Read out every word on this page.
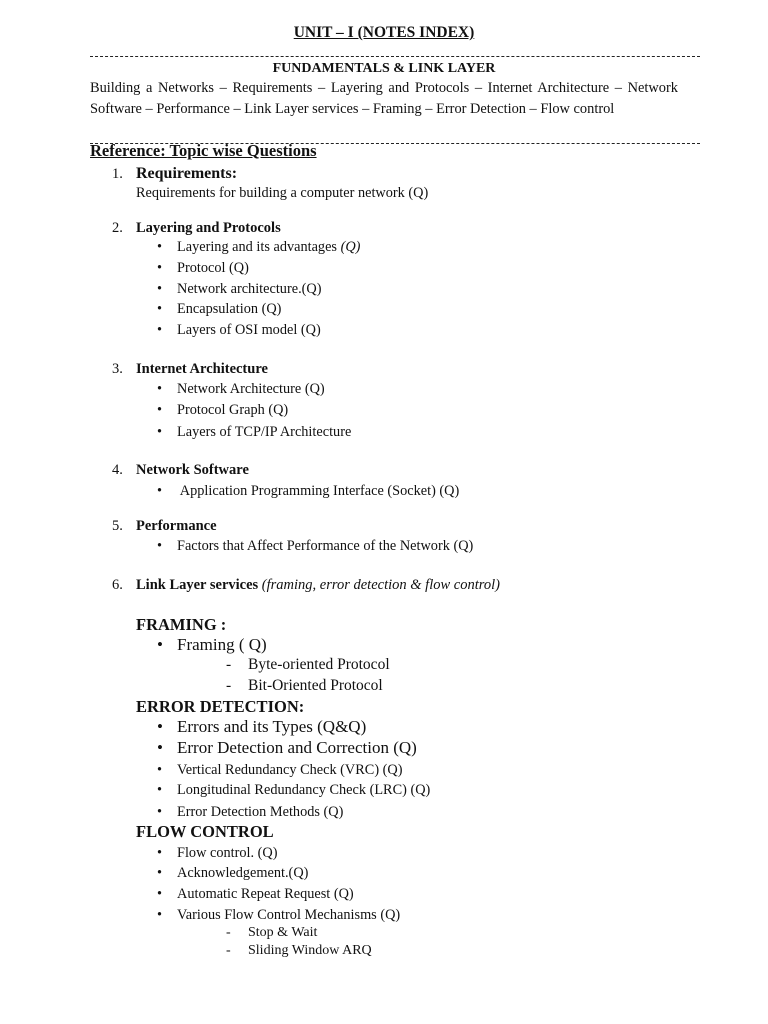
UNIT – I (NOTES INDEX)
FUNDAMENTALS & LINK LAYER
Building a Networks – Requirements – Layering and Protocols – Internet Architecture – Network Software – Performance – Link Layer services – Framing – Error Detection – Flow control
Reference: Topic wise Questions
1. Requirements:
Requirements for building a computer network (Q)
2. Layering and Protocols
• Layering and its advantages (Q)
• Protocol (Q)
• Network architecture.(Q)
• Encapsulation (Q)
• Layers of OSI model (Q)
3. Internet Architecture
• Network Architecture (Q)
• Protocol Graph (Q)
• Layers of TCP/IP Architecture
4. Network Software
• Application Programming Interface (Socket) (Q)
5. Performance
• Factors that Affect Performance of the Network (Q)
6. Link Layer services (framing, error detection & flow control)
FRAMING :
• Framing ( Q)
- Byte-oriented Protocol
- Bit-Oriented Protocol
ERROR DETECTION:
• Errors and its Types (Q&Q)
• Error Detection and Correction (Q)
• Vertical Redundancy Check (VRC) (Q)
• Longitudinal Redundancy Check (LRC) (Q)
• Error Detection Methods (Q)
FLOW CONTROL
• Flow control. (Q)
• Acknowledgement.(Q)
• Automatic Repeat Request (Q)
• Various Flow Control Mechanisms (Q)
- Stop & Wait
- Sliding Window ARQ
